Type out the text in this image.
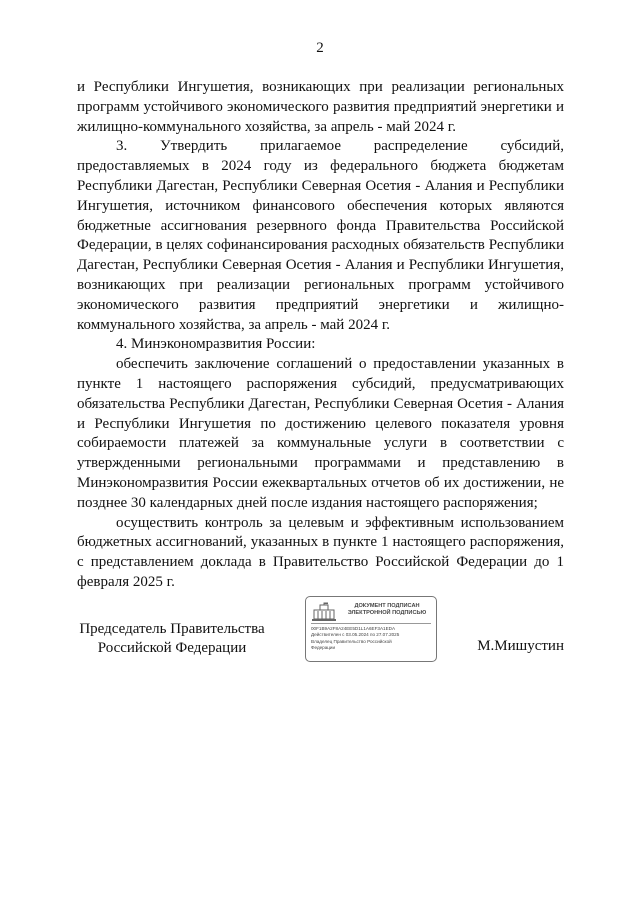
2

и Республики Ингушетия, возникающих при реализации региональных программ устойчивого экономического развития предприятий энергетики и жилищно-коммунального хозяйства, за апрель - май 2024 г.

3. Утвердить прилагаемое распределение субсидий, предоставляемых в 2024 году из федерального бюджета бюджетам Республики Дагестан, Республики Северная Осетия - Алания и Республики Ингушетия, источником финансового обеспечения которых являются бюджетные ассигнования резервного фонда Правительства Российской Федерации, в целях софинансирования расходных обязательств Республики Дагестан, Республики Северная Осетия - Алания и Республики Ингушетия, возникающих при реализации региональных программ устойчивого экономического развития предприятий энергетики и жилищно-коммунального хозяйства, за апрель - май 2024 г.

4. Минэкономразвития России:

обеспечить заключение соглашений о предоставлении указанных в пункте 1 настоящего распоряжения субсидий, предусматривающих обязательства Республики Дагестан, Республики Северная Осетия - Алания и Республики Ингушетия по достижению целевого показателя уровня собираемости платежей за коммунальные услуги в соответствии с утвержденными региональными программами и представлению в Минэкономразвития России ежеквартальных отчетов об их достижении, не позднее 30 календарных дней после издания настоящего распоряжения;

осуществить контроль за целевым и эффективным использованием бюджетных ассигнований, указанных в пункте 1 настоящего распоряжения, с представлением доклада в Правительство Российской Федерации до 1 февраля 2025 г.

Председатель Правительства
Российской Федерации
ДОКУМЕНТ ПОДПИСАН
ЭЛЕКТРОННОЙ ПОДПИСЬЮ
00F1B9A2F8A24EE5D1L1A6EF3A1EDA
Действителен с 03.05.2024 по 27.07.2025
Владелец Правительство Российской
Федерации	М.Мишустин
